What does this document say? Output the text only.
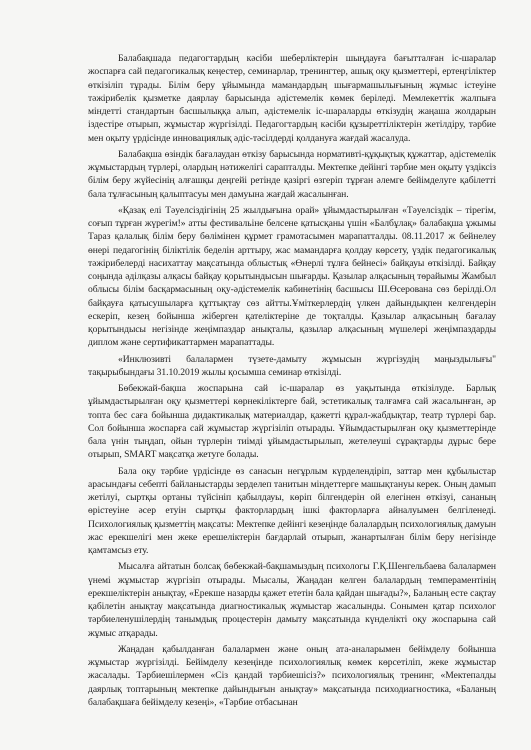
Балабақшада педагогтардың кәсіби шеберліктерін шыңдауға бағытталған іс-шаралар жоспарға сай педагогикалық кеңестер, семинарлар, тренингтер, ашық оқу қызметтері, ертеңгіліктер өткізіліп тұрады. Білім беру ұйымында мамандардың шығармашылығының жұмыс істеуіне тәжірибелік қызметке даярлау барысында әдістемелік көмек беріледі. Мемлекеттік жалпыға міндетті стандартын басшылыққа алып, әдістемелік іс-шараларды өткізудің жаңаша жолдарын іздестіре отырып, жұмыстар жүргізілді. Педагогтардың кәсіби құзыреттіліктерін жетілдіру, тәрбие мен оқыту үрдісінде инновациялық әдіс-тәсілдерді қолдануға жағдай жасалуда.

Балабақша өзіндік бағалаудан өткізу барысында нормативті-құқықтық құжаттар, әдістемелік жұмыстардың түрлері, олардың нәтижелігі сарапталды. Мектепке дейінгі тәрбие мен оқыту үздіксіз білім беру жүйесінің алғашқы деңгейі ретінде қазіргі өзгеріп тұрған әлемге бейімделуге қабілетті бала тұлғасының қалыптасуы мен дамуына жағдай жасалынған.

«Қазақ елі Тәуелсіздігінің 25 жылдығына орай» ұйымдастырылған «Тәуелсіздік – тірегім, соғып тұрған жүрегім!» атты фестивальіне белсене қатысқаны үшін «Балбұлақ» балабақша ұжымы Тараз қалалық білім беру бөлімінен құрмет грамотасымен марапатталды. 08.11.2017 ж бейнелеу өнері педагогінің біліктілік беделін арттыру, жас мамандарға қолдау көрсету, үздік педагогикалық тәжірибелерді насихаттау мақсатында облыстық «Өнерлі тұлға бейнесі» байқауы өткізілді. Байқау соңында әділқазы алқасы байқау қорытындысын шығарды. Қазылар алқасының төрайымы Жамбыл облысы білім басқармасының оқу-әдістемелік кабинетінің басшысы Ш.Өсерована сөз берілді.Ол байқауға қатысушыларға құттықтау сөз айтты.Ұміткерлердің үлкен дайындықпен келгендерін ескеріп, кезең бойынша жіберген қателіктеріне де тоқталды. Қазылар алқасының бағалау қорытындысы негізінде жеңімпаздар анықталы, қазылар алқасының мүшелері жеңімпаздарды диплом және сертификаттармен марапаттады.

«Инклюзивті балалармен түзете-дамыту жұмысын жүргізудің маңыздылығы" тақырыбындағы 31.10.2019 жылы қосымша семинар өткізілді.

Бөбекжай-бақша жоспарына сай іс-шаралар өз уақытында өткізілуде. Барлық ұйымдастырылған оқу қызметтері көрнекіліктерге бай, эстетикалық талғамға сай жасалынған, әр топта бес саға бойынша дидактикалық материалдар, қажетті құрал-жабдықтар, театр түрлері бар. Сол бойынша жоспарға сай жұмыстар жүргізіліп отырады. Ұйымдастырылған оқу қызметтерінде бала үнін тыңдап, ойын түрлерін тиімді ұйымдастырылып, жетелеуші сұрақтарды дұрыс бере отырып, SMART мақсатқа жетуге болады.

Бала оқу тәрбие үрдісінде өз санасын негұрлым күрделендіріп, заттар мен құбылыстар арасындағы себепті байланыстарды зерделеп танитын міндеттерге машықтануы керек. Оның дамып жетілуі, сыртқы ортаны түйсініп қабылдауы, көріп білгендерін ой елегінен өткізуі, сананың өрістеуіне әсер етуін сыртқы факторлардың ішкі факторларға айналуымен белгіленеді. Психологиялық қызметтің мақсаты: Мектепке дейінгі кезеңінде балалардың психологиялық дамуын жас ерекшелігі мен жеке ерешеліктерін бағдарлай отырып, жанартылған білім беру негізінде қамтамсыз ету.

Мысалға айтатын болсақ бөбекжай-бақшамыздың психологы Г.Қ.Шенгельбаева балалармен үнемі жұмыстар жүргізіп отырады. Мысалы, Жаңадан келген балалардың темпераментінің ерекшеліктерін анықтау, «Ерекше назарды қажет ететін бала қайдан шығады?», Баланың есте сақтау қабілетін анықтау мақсатында диагностикалық жұмыстар жасалынды. Сонымен қатар психолог тәрбиеленушілердің танымдық процестерін дамыту мақсатында күнделікті оқу жоспарына сай жұмыс атқарады.

Жаңадан қабылданған балалармен және оның ата-аналарымен бейімделу бойынша жұмыстар жүргізілді. Бейімделу кезеңінде психологиялық көмек көрсетіліп, жеке жұмыстар жасалады. Тәрбиешілермен «Сіз қандай тәрбиешісіз?» психологиялық тренинг, «Мектепалды даярлық топтарының мектепке дайындығын анықтау» мақсатында психодиагностика, «Баланың балабақшаға бейімделу кезеңі», «Тәрбие отбасынан
